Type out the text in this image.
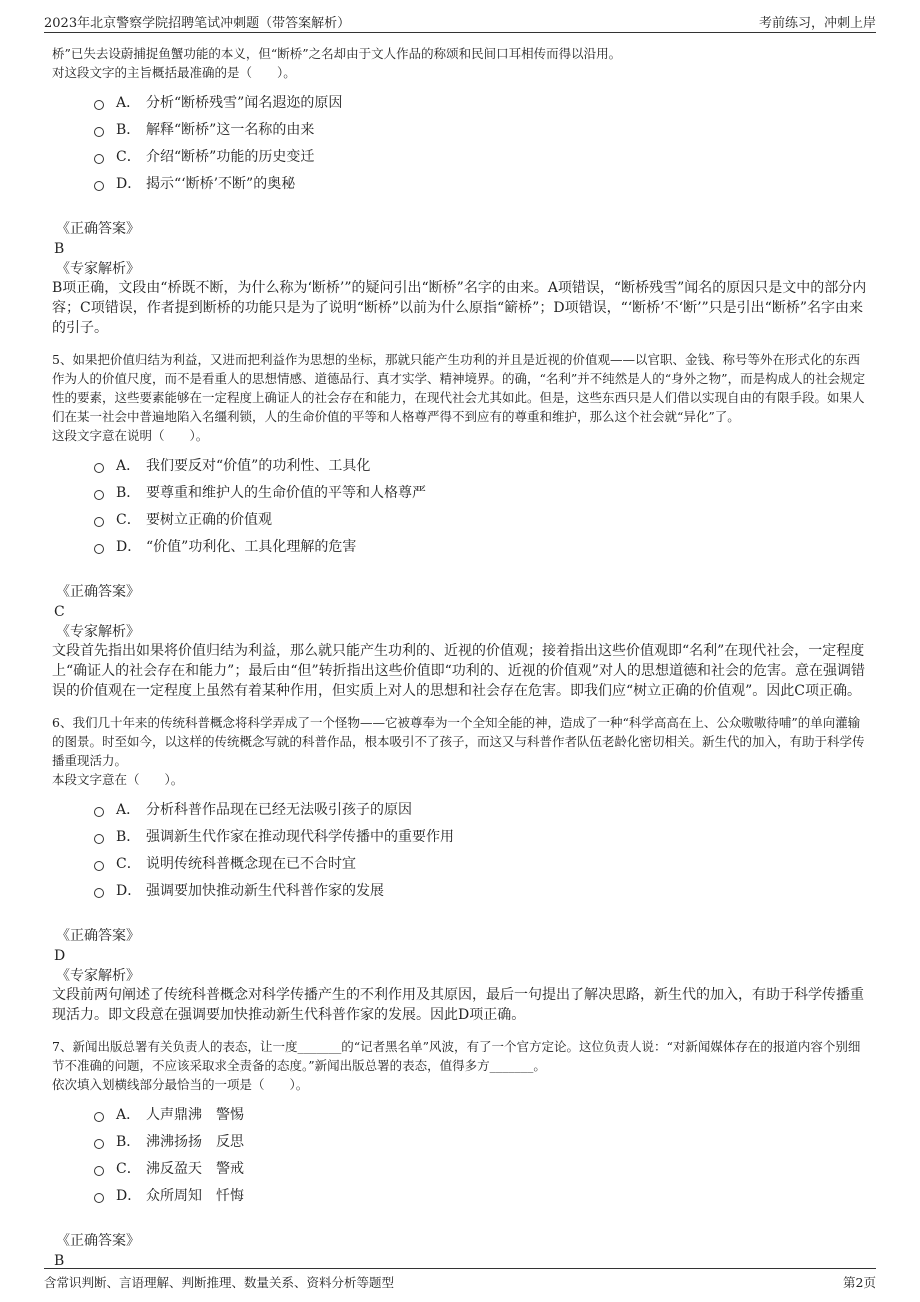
2023年北京警察学院招聘笔试冲刺题（带答案解析）	考前练习，冲刺上岸

桥”已失去设蔚捕捉鱼蟹功能的本义，但“断桥”之名却由于文人作品的称颂和民间口耳相传而得以沿用。

对这段文字的主旨概括最准确的是（　　）。

A． 分析“断桥残雪”闻名遐迩的原因
B． 解释“断桥”这一名称的由来
C． 介绍“断桥”功能的历史变迁
D． 揭示“‘断桥’不断”的奥秘
《正确答案》
B
《专家解析》

B项正确，文段由“桥既不断，为什么称为‘断桥’”的疑问引出“断桥”名字的由来。A项错误，“断桥残雪”闻名的原因只是文中的部分内容；C项错误，作者提到断桥的功能只是为了说明“断桥”以前为什么原指“簖桥”；D项错误，“‘断桥’不‘断’”只是引出“断桥”名字由来的引子。

5、如果把价值归结为利益，又进而把利益作为思想的坐标，那就只能产生功利的并且是近视的价值观——以官职、金钱、称号等外在形式化的东西作为人的价值尺度，而不是看重人的思想情感、道德品行、真才实学、精神境界。的确，“名利”并不纯然是人的“身外之物”，而是构成人的社会规定性的要素，这些要素能够在一定程度上确证人的社会存在和能力，在现代社会尤其如此。但是，这些东西只是人们借以实现自由的有限手段。如果人们在某一社会中普遍地陷入名缰利锁，人的生命价值的平等和人格尊严得不到应有的尊重和维护，那么这个社会就“异化”了。

这段文字意在说明（　　）。

A． 我们要反对“价值”的功利性、工具化
B． 要尊重和维护人的生命价值的平等和人格尊严
C． 要树立正确的价值观
D． “价值”功利化、工具化理解的危害
《正确答案》
C
《专家解析》

文段首先指出如果将价值归结为利益，那么就只能产生功利的、近视的价值观；接着指出这些价值观即“名利”在现代社会，一定程度上“确证人的社会存在和能力”；最后由“但”转折指出这些价值即“功利的、近视的价值观”对人的思想道德和社会的危害。意在强调错误的价值观在一定程度上虽然有着某种作用，但实质上对人的思想和社会存在危害。即我们应“树立正确的价值观”。因此C项正确。

6、我们几十年来的传统科普概念将科学弄成了一个怪物——它被尊奉为一个全知全能的神，造成了一种“科学高高在上、公众嗷嗷待哺”的单向灌输的图景。时至如今，以这样的传统概念写就的科普作品，根本吸引不了孩子，而这又与科普作者队伍老龄化密切相关。新生代的加入，有助于科学传播重现活力。

本段文字意在（　　）。

A． 分析科普作品现在已经无法吸引孩子的原因
B． 强调新生代作家在推动现代科学传播中的重要作用
C． 说明传统科普概念现在已不合时宜
D． 强调要加快推动新生代科普作家的发展
《正确答案》
D
《专家解析》

文段前两句阐述了传统科普概念对科学传播产生的不利作用及其原因，最后一句提出了解决思路，新生代的加入，有助于科学传播重现活力。即文段意在强调要加快推动新生代科普作家的发展。因此D项正确。

7、新闻出版总署有关负责人的表态，让一度_______的“记者黑名单”风波，有了一个官方定论。这位负责人说：“对新闻媒体存在的报道内容个别细节不准确的问题，不应该采取求全责备的态度。”新闻出版总署的表态，值得多方_______。

依次填入划横线部分最恰当的一项是（　　）。

A． 人声鼎沸　警惕
B． 沸沸扬扬　反思
C． 沸反盈天　警戒
D． 众所周知　忏悔
《正确答案》
B
含常识判断、言语理解、判断推理、数量关系、资料分析等题型	第2页
